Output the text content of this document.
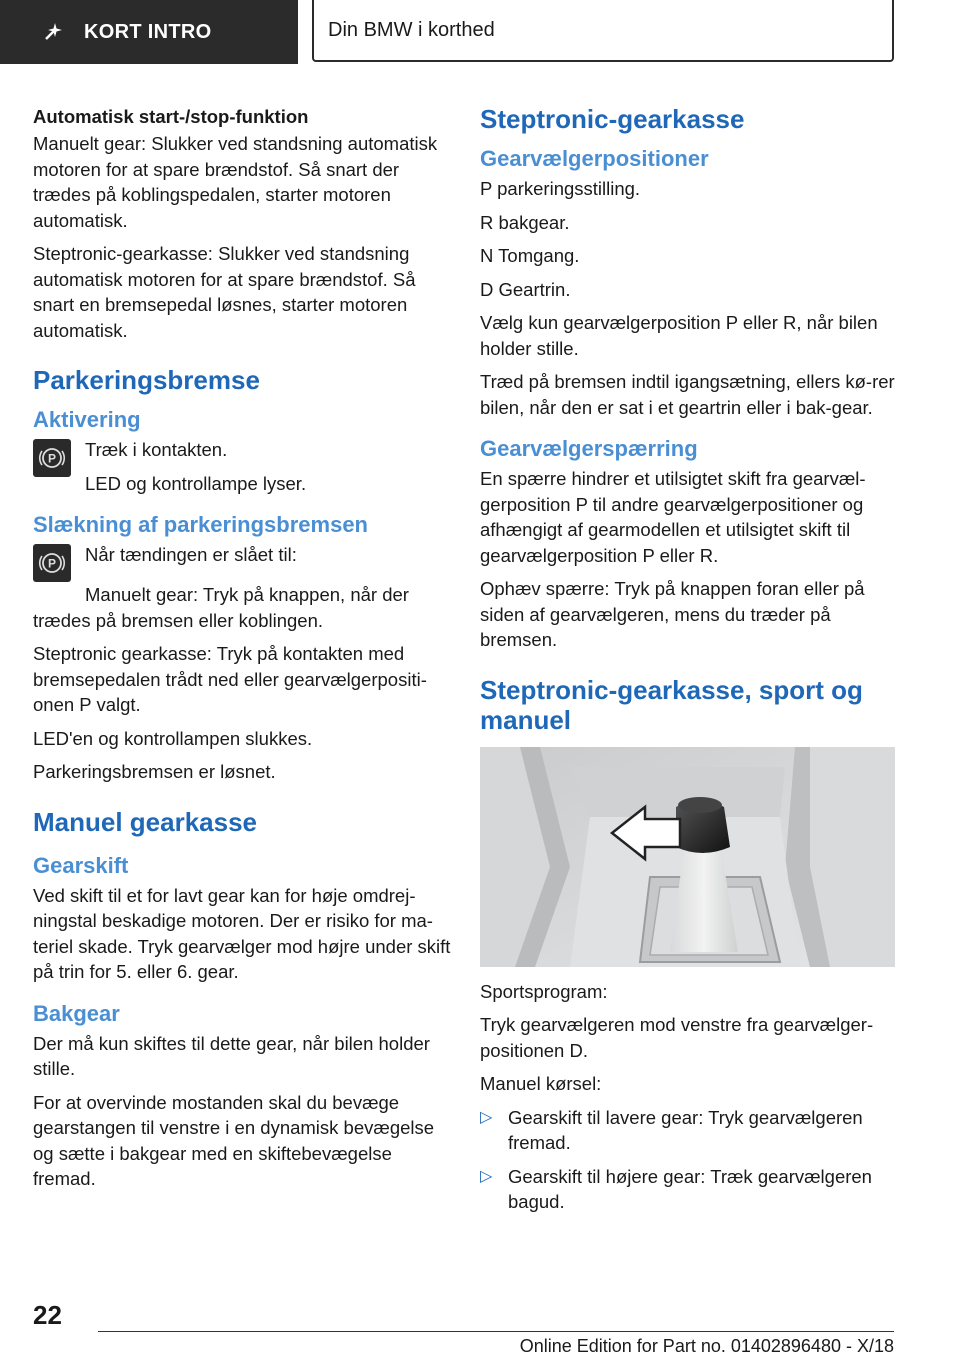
KORT INTRO	Din BMW i korthed
Automatisk start-/stop-funktion

Manuelt gear: Slukker ved standsning automatisk motoren for at spare brændstof. Så snart der trædes på koblingspedalen, starter motoren automatisk.

Steptronic-gearkasse: Slukker ved standsning automatisk motoren for at spare brændstof. Så snart en bremsepedal løsnes, starter motoren automatisk.

Parkeringsbremse
Aktivering
P Træk i kontakten.

LED og kontrollampe lyser.

Slækning af parkeringsbremsen
P Når tændingen er slået til:

Manuelt gear: Tryk på knappen, når der trædes på bremsen eller koblingen.

Steptronic gearkasse: Tryk på kontakten med bremsepedalen trådt ned eller gearvælgerpositi-onen P valgt.

LED'en og kontrollampen slukkes.

Parkeringsbremsen er løsnet.

Manuel gearkasse
Gearskift

Ved skift til et for lavt gear kan for høje omdrej-ningstal beskadige motoren. Der er risiko for ma-teriel skade. Tryk gearvælger mod højre under skift på trin for 5. eller 6. gear.

Bakgear

Der må kun skiftes til dette gear, når bilen holder stille.

For at overvinde mostanden skal du bevæge gearstangen til venstre i en dynamisk bevægelse og sætte i bakgear med en skiftebevægelse fremad.

Steptronic-gearkasse
Gearvælgerpositioner

P parkeringsstilling.

R bakgear.

N Tomgang.

D Geartrin.

Vælg kun gearvælgerposition P eller R, når bilen holder stille.

Træd på bremsen indtil igangsætning, ellers kø-rer bilen, når den er sat i et geartrin eller i bak-gear.

Gearvælgerspærring

En spærre hindrer et utilsigtet skift fra gearvæl-gerposition P til andre gearvælgerpositioner og afhængigt af gearmodellen et utilsigtet skift til gearvælgerposition P eller R.

Ophæv spærre: Tryk på knappen foran eller på siden af gearvælgeren, mens du træder på bremsen.

Steptronic-gearkasse, sport og manuel

Sportsprogram:

Tryk gearvælgeren mod venstre fra gearvælger-positionen D.

Manuel kørsel:

▷ Gearskift til lavere gear: Tryk gearvælgeren fremad.

▷ Gearskift til højere gear: Træk gearvælgeren bagud.

22
Online Edition for Part no. 01402896480 - X/18
